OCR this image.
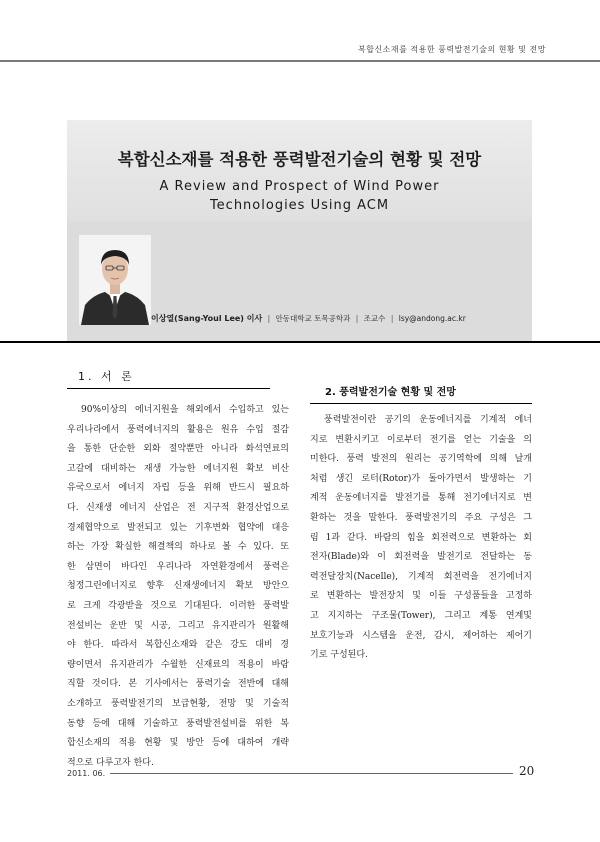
복합신소재를 적용한 풍력발전기술의 현황 및 전망
복합신소재를 적용한 풍력발전기술의 현황 및 전망
A Review and Prospect of Wind Power
Technologies Using ACM
이상열(Sang-Youl Lee) 이사 | 안동대학교 토목공학과 | 조교수 | lsy@andong.ac.kr
1. 서 론
2. 풍력발전기술 현황 및 전망
90%이상의 에너지원을 해외에서 수입하고 있는
우리나라에서 풍력에너지의 활용은 원유 수입 절감
을 통한 단순한 외화 절약뿐만 아니라 화석연료의
고갈에 대비하는 재생 가능한 에너지원 확보 비산
유국으로서 에너지 자립 등을 위해 반드시 필요하
다. 신재생 에너지 산업은 전 지구적 환경산업으로
경제협약으로 발전되고 있는 기후변화 협약에 대응
하는 가장 확실한 해결책의 하나로 볼 수 있다. 또
한 삼면이 바다인 우리나라 자연환경에서 풍력은
청정그린에너지로 향후 신재생에너지 확보 방안으
로 크게 각광받을 것으로 기대된다. 이러한 풍력발
전설비는 운반 및 시공, 그리고 유지관리가 원활해
야 한다. 따라서 복합신소재와 같은 강도 대비 경
량이면서 유지관리가 수월한 신재료의 적용이 바람
직할 것이다. 본 기사에서는 풍력기술 전반에 대해
소개하고 풍력발전기의 보급현황, 전망 및 기술적
동향 등에 대해 기술하고 풍력발전설비를 위한 복
합신소재의 적용 현황 및 방안 등에 대하여 개략
적으로 다루고자 한다.
풍력발전이란 공기의 운동에너지를 기계적 에너
지로 변환시키고 이로부터 전기를 얻는 기술을 의
미한다. 풍력 발전의 원리는 공기역학에 의해 날개
처럼 생긴 로터(Rotor)가 돌아가면서 발생하는 기
계적 운동에너지를 발전기를 통해 전기에너지로 변
환하는 것을 말한다. 풍력발전기의 주요 구성은 그
림 1과 같다. 바람의 힘을 회전력으로 변환하는 회
전자(Blade)와 이 회전력을 발전기로 전달하는 동
력전달장치(Nacelle), 기계적 회전력을 전기에너지
로 변환하는 발전장치 및 이들 구성품들을 고정하
고 지지하는 구조물(Tower), 그리고 계통 연계및
보호기능과 시스템을 운전, 감시, 제어하는 제어기
기로 구성된다.
2011. 06.	20
